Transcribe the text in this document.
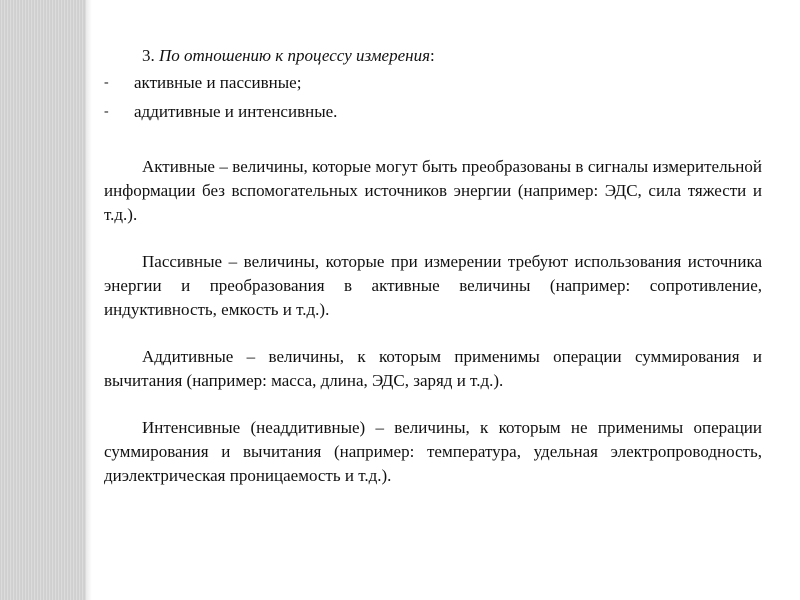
3. По отношению к процессу измерения:

-	активные и пассивные;
-	аддитивные и интенсивные.

Активные – величины, которые могут быть преобразованы в сигналы измерительной информации без вспомогательных источников энергии (например: ЭДС, сила тяжести и т.д.).

Пассивные – величины, которые при измерении требуют использования источника энергии и преобразования в активные величины (например: сопротивление, индуктивность, емкость и т.д.).

Аддитивные – величины, к которым применимы операции суммирования и вычитания (например: масса, длина, ЭДС, заряд и т.д.).

Интенсивные (неаддитивные) – величины, к которым не применимы операции суммирования и вычитания (например: температура, удельная электропроводность, диэлектрическая проницаемость и т.д.).
